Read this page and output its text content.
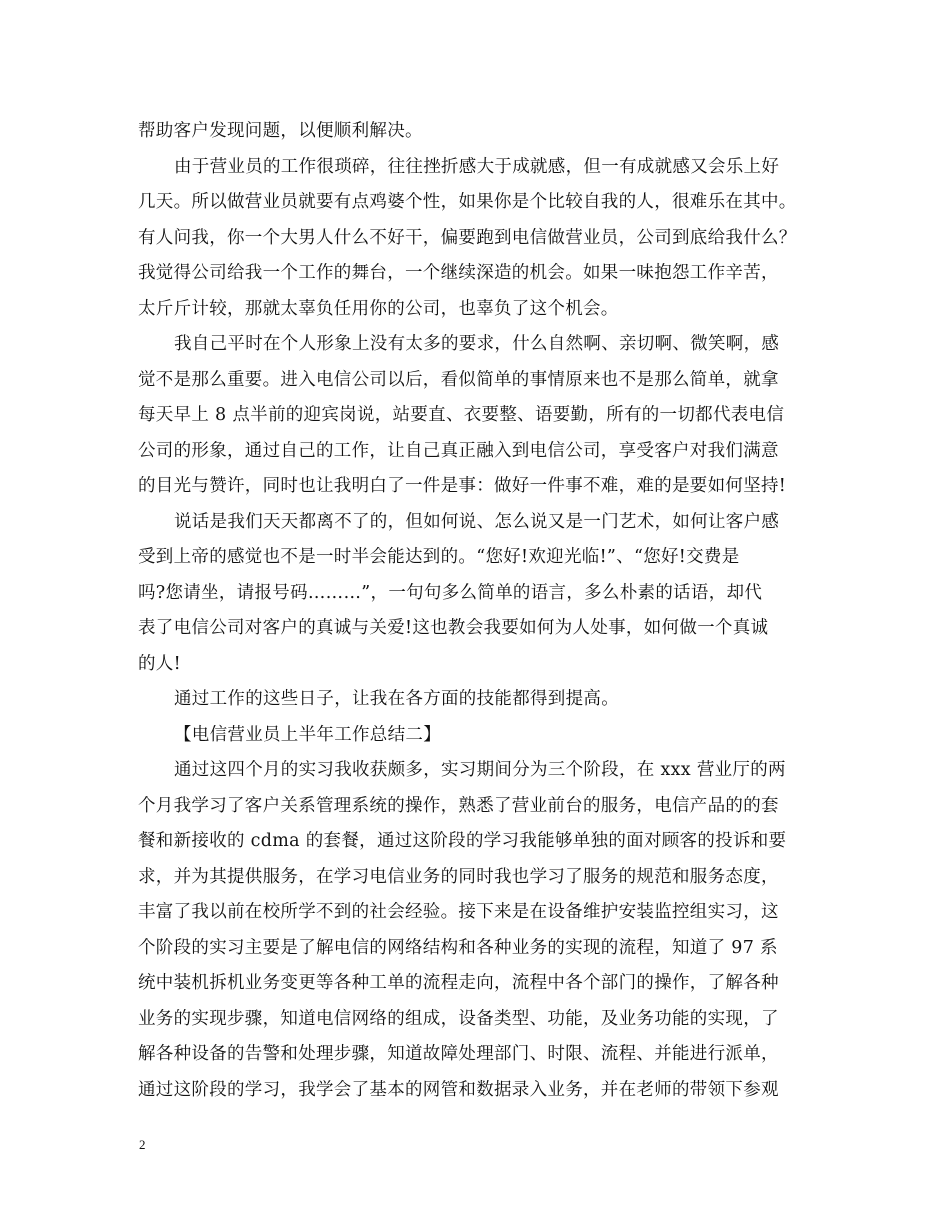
帮助客户发现问题，以便顺利解决。
由于营业员的工作很琐碎，往往挫折感大于成就感，但一有成就感又会乐上好
几天。所以做营业员就要有点鸡婆个性，如果你是个比较自我的人，很难乐在其中。
有人问我，你一个大男人什么不好干，偏要跑到电信做营业员，公司到底给我什么？
我觉得公司给我一个工作的舞台，一个继续深造的机会。如果一味抱怨工作辛苦，
太斤斤计较，那就太辜负任用你的公司，也辜负了这个机会。
我自己平时在个人形象上没有太多的要求，什么自然啊、亲切啊、微笑啊，感
觉不是那么重要。进入电信公司以后，看似简单的事情原来也不是那么简单，就拿
每天早上 8 点半前的迎宾岗说，站要直、衣要整、语要勤，所有的一切都代表电信
公司的形象，通过自己的工作，让自己真正融入到电信公司，享受客户对我们满意
的目光与赞许，同时也让我明白了一件是事：做好一件事不难，难的是要如何坚持!
说话是我们天天都离不了的，但如何说、怎么说又是一门艺术，如何让客户感
受到上帝的感觉也不是一时半会能达到的。“您好!欢迎光临!”、“您好!交费是
吗?您请坐，请报号码………”，一句句多么简单的语言，多么朴素的话语，却代
表了电信公司对客户的真诚与关爱!这也教会我要如何为人处事，如何做一个真诚
的人!
通过工作的这些日子，让我在各方面的技能都得到提高。
【电信营业员上半年工作总结二】
通过这四个月的实习我收获颇多，实习期间分为三个阶段，在 xxx 营业厅的两
个月我学习了客户关系管理系统的操作，熟悉了营业前台的服务，电信产品的的套
餐和新接收的 cdma 的套餐，通过这阶段的学习我能够单独的面对顾客的投诉和要
求，并为其提供服务，在学习电信业务的同时我也学习了服务的规范和服务态度，
丰富了我以前在校所学不到的社会经验。接下来是在设备维护安装监控组实习，这
个阶段的实习主要是了解电信的网络结构和各种业务的实现的流程，知道了 97 系
统中装机拆机业务变更等各种工单的流程走向，流程中各个部门的操作，了解各种
业务的实现步骤，知道电信网络的组成，设备类型、功能，及业务功能的实现，了
解各种设备的告警和处理步骤，知道故障处理部门、时限、流程、并能进行派单，
通过这阶段的学习，我学会了基本的网管和数据录入业务，并在老师的带领下参观
2
